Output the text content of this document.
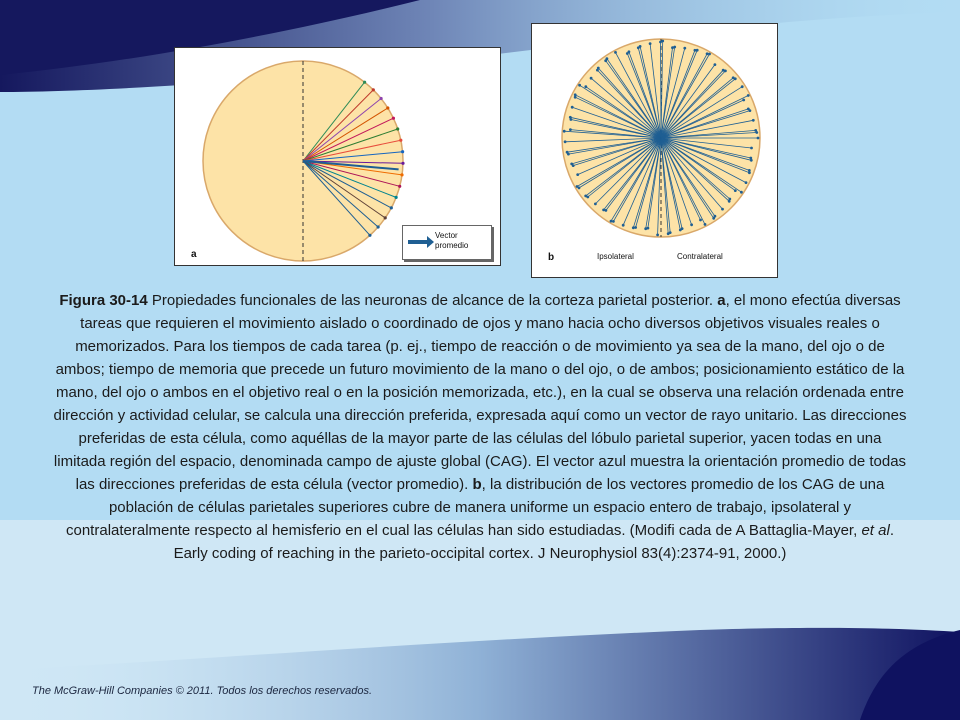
a
Vector
promedio
b	Ipsolateral	Contralateral
Figura 30-14 Propiedades funcionales de las neuronas de alcance de la corteza parietal posterior. a, el mono efectúa diversas tareas que requieren el movimiento aislado o coordinado de ojos y mano hacia ocho diversos objetivos visuales reales o memorizados. Para los tiempos de cada tarea (p. ej., tiempo de reacción o de movimiento ya sea de la mano, del ojo o de ambos; tiempo de memoria que precede un futuro movimiento de la mano o del ojo, o de ambos; posicionamiento estático de la mano, del ojo o ambos en el objetivo real o en la posición memorizada, etc.), en la cual se observa una relación ordenada entre dirección y actividad celular, se calcula una dirección preferida, expresada aquí como un vector de rayo unitario. Las direcciones preferidas de esta célula, como aquéllas de la mayor parte de las células del lóbulo parietal superior, yacen todas en una limitada región del espacio, denominada campo de ajuste global (CAG). El vector azul muestra la orientación promedio de todas las direcciones preferidas de esta célula (vector promedio). b, la distribución de los vectores promedio de los CAG de una población de células parietales superiores cubre de manera uniforme un espacio entero de trabajo, ipsolateral y contralateralmente respecto al hemisferio en el cual las células han sido estudiadas. (Modifi cada de A Battaglia-Mayer, et al. Early coding of reaching in the parieto-occipital cortex. J Neurophysiol 83(4):2374-91, 2000.)
The McGraw-Hill Companies © 2011. Todos los derechos reservados.
